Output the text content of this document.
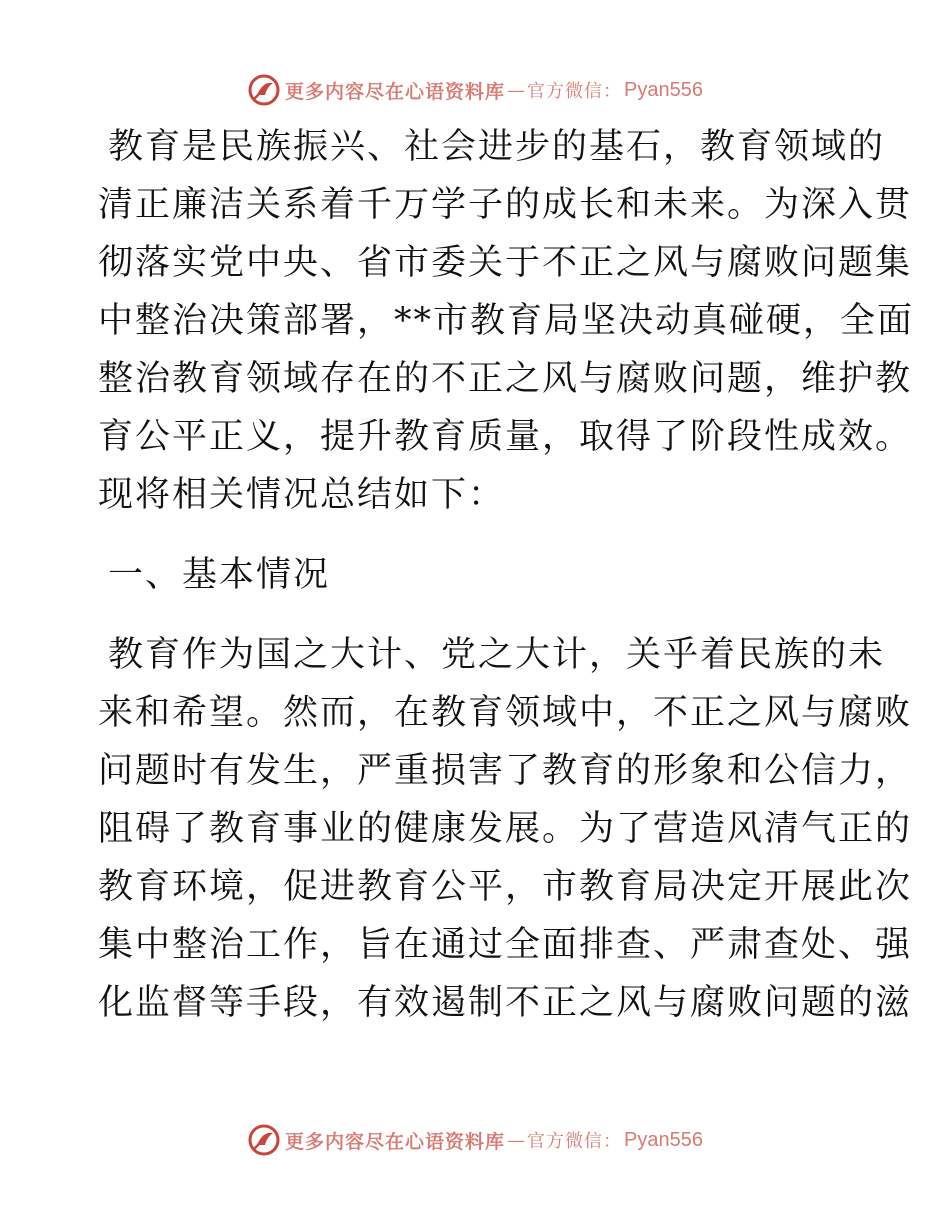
更多内容尽在心语资料库 — 官方微信： Pyan556
教育是民族振兴、社会进步的基石，教育领域的
清正廉洁关系着千万学子的成长和未来。为深入贯
彻落实党中央、省市委关于不正之风与腐败问题集
中整治决策部署，**市教育局坚决动真碰硬，全面
整治教育领域存在的不正之风与腐败问题，维护教
育公平正义，提升教育质量，取得了阶段性成效。
现将相关情况总结如下：
一、基本情况
教育作为国之大计、党之大计，关乎着民族的未
来和希望。然而，在教育领域中，不正之风与腐败
问题时有发生，严重损害了教育的形象和公信力，
阻碍了教育事业的健康发展。为了营造风清气正的
教育环境，促进教育公平，市教育局决定开展此次
集中整治工作，旨在通过全面排查、严肃查处、强
化监督等手段，有效遏制不正之风与腐败问题的滋
更多内容尽在心语资料库 — 官方微信： Pyan556
